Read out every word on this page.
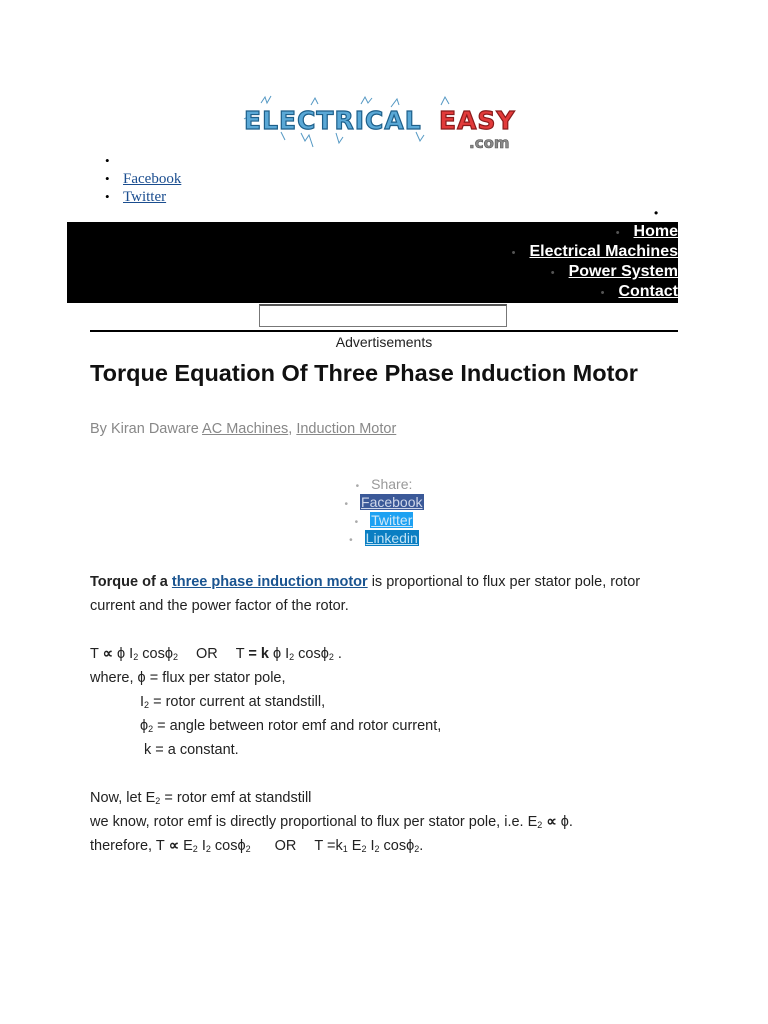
ELECTRICAL EASY
.com
•
• Facebook
• Twitter
•
• Home
• Electrical Machines
• Power System
• Contact
Advertisements
Torque Equation Of Three Phase Induction Motor
By Kiran Daware AC Machines, Induction Motor
• Share:
• Facebook
• Twitter
• Linkedin

Torque of a three phase induction motor is proportional to flux per stator pole, rotor current and the power factor of the rotor.

T ∝ ϕ $I_2$ cosϕ$_2$ OR T = k ϕ $I_2$ cosϕ$_2$ .

where, ϕ = flux per stator pole,

$I_2$ = rotor current at standstill,

$\phi_2$ = angle between rotor emf and rotor current,

k = a constant.

Now, let $E_2$ = rotor emf at standstill

we know, rotor emf is directly proportional to flux per stator pole, i.e. $E_2 \propto \phi$.

therefore, $T \propto E_2$ $I_2$ cosϕ$_2$ OR $T =k_1$ $E_2$ $I_2$ cosϕ$_2$.
